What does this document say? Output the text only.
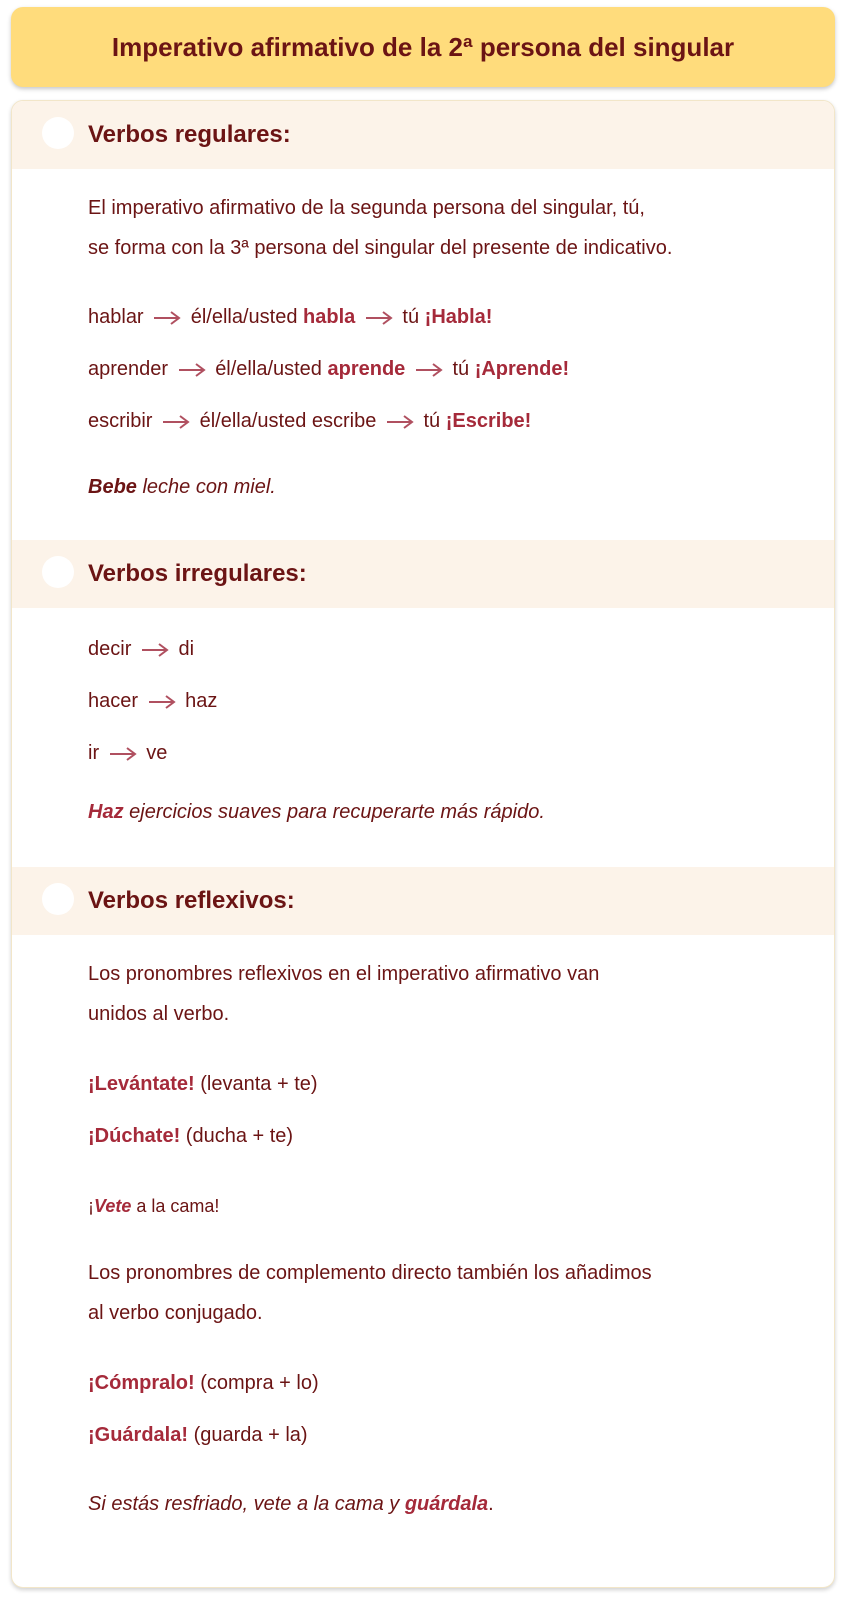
Imperativo afirmativo de la 2ª persona del singular
Verbos regulares:
El imperativo afirmativo de la segunda persona del singular, tú,
se forma con la 3ª persona del singular del presente de indicativo.
hablar él/ella/usted habla tú ¡Habla!
aprender él/ella/usted aprende tú ¡Aprende!
escribir él/ella/usted escribe tú ¡Escribe!
Bebe leche con miel.
Verbos irregulares:
decir di
hacer haz
ir ve
Haz ejercicios suaves para recuperarte más rápido.
Verbos reflexivos:
Los pronombres reflexivos en el imperativo afirmativo van
unidos al verbo.
¡Levántate! (levanta + te)
¡Dúchate! (ducha + te)
¡Vete a la cama!
Los pronombres de complemento directo también los añadimos
al verbo conjugado.
¡Cómpralo! (compra + lo)
¡Guárdala! (guarda + la)
Si estás resfriado, vete a la cama y guárdala.
